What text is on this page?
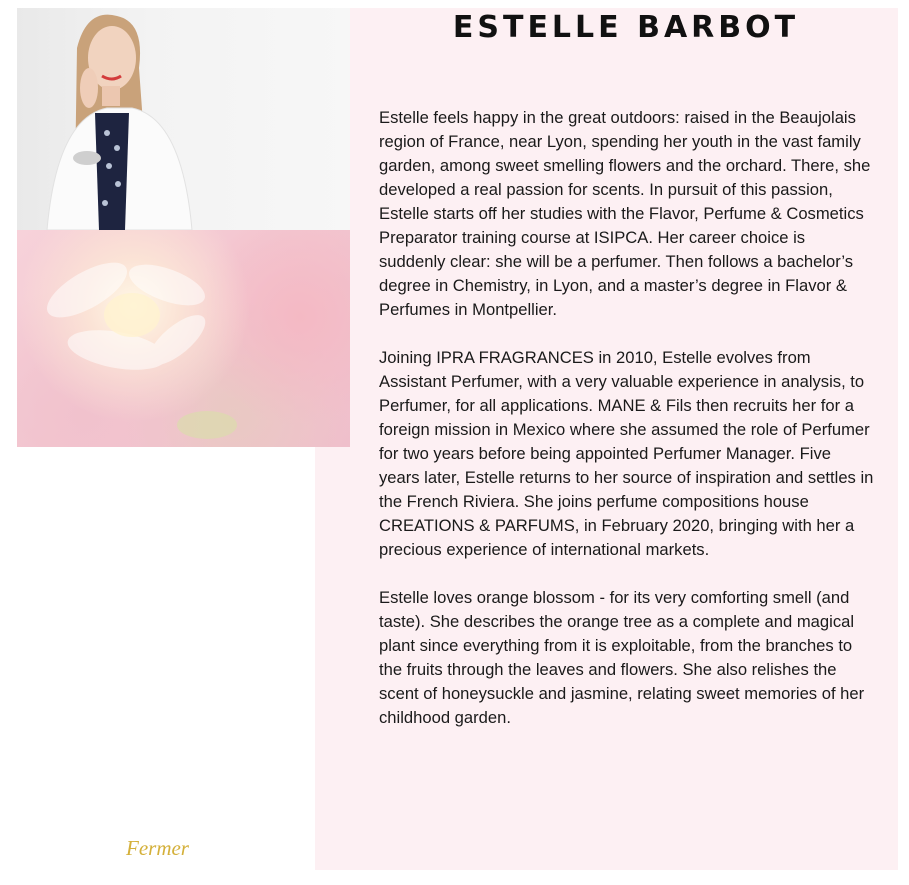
ESTELLE BARBOT

Estelle feels happy in the great outdoors: raised in the Beaujolais region of France, near Lyon, spending her youth in the vast family garden, among sweet smelling flowers and the orchard. There, she developed a real passion for scents. In pursuit of this passion, Estelle starts off her studies with the Flavor, Perfume & Cosmetics Preparator training course at ISIPCA. Her career choice is suddenly clear: she will be a perfumer. Then follows a bachelor’s degree in Chemistry, in Lyon, and a master’s degree in Flavor & Perfumes in Montpellier.

Joining IPRA FRAGRANCES in 2010, Estelle evolves from Assistant Perfumer, with a very valuable experience in analysis, to Perfumer, for all applications. MANE & Fils then recruits her for a foreign mission in Mexico where she assumed the role of Perfumer for two years before being appointed Perfumer Manager. Five years later, Estelle returns to her source of inspiration and settles in the French Riviera. She joins perfume compositions house CREATIONS & PARFUMS, in February 2020, bringing with her a precious experience of international markets.

Estelle loves orange blossom - for its very comforting smell (and taste). She describes the orange tree as a complete and magical plant since everything from it is exploitable, from the branches to the fruits through the leaves and flowers. She also relishes the scent of honeysuckle and jasmine, relating sweet memories of her childhood garden.

Fermer
